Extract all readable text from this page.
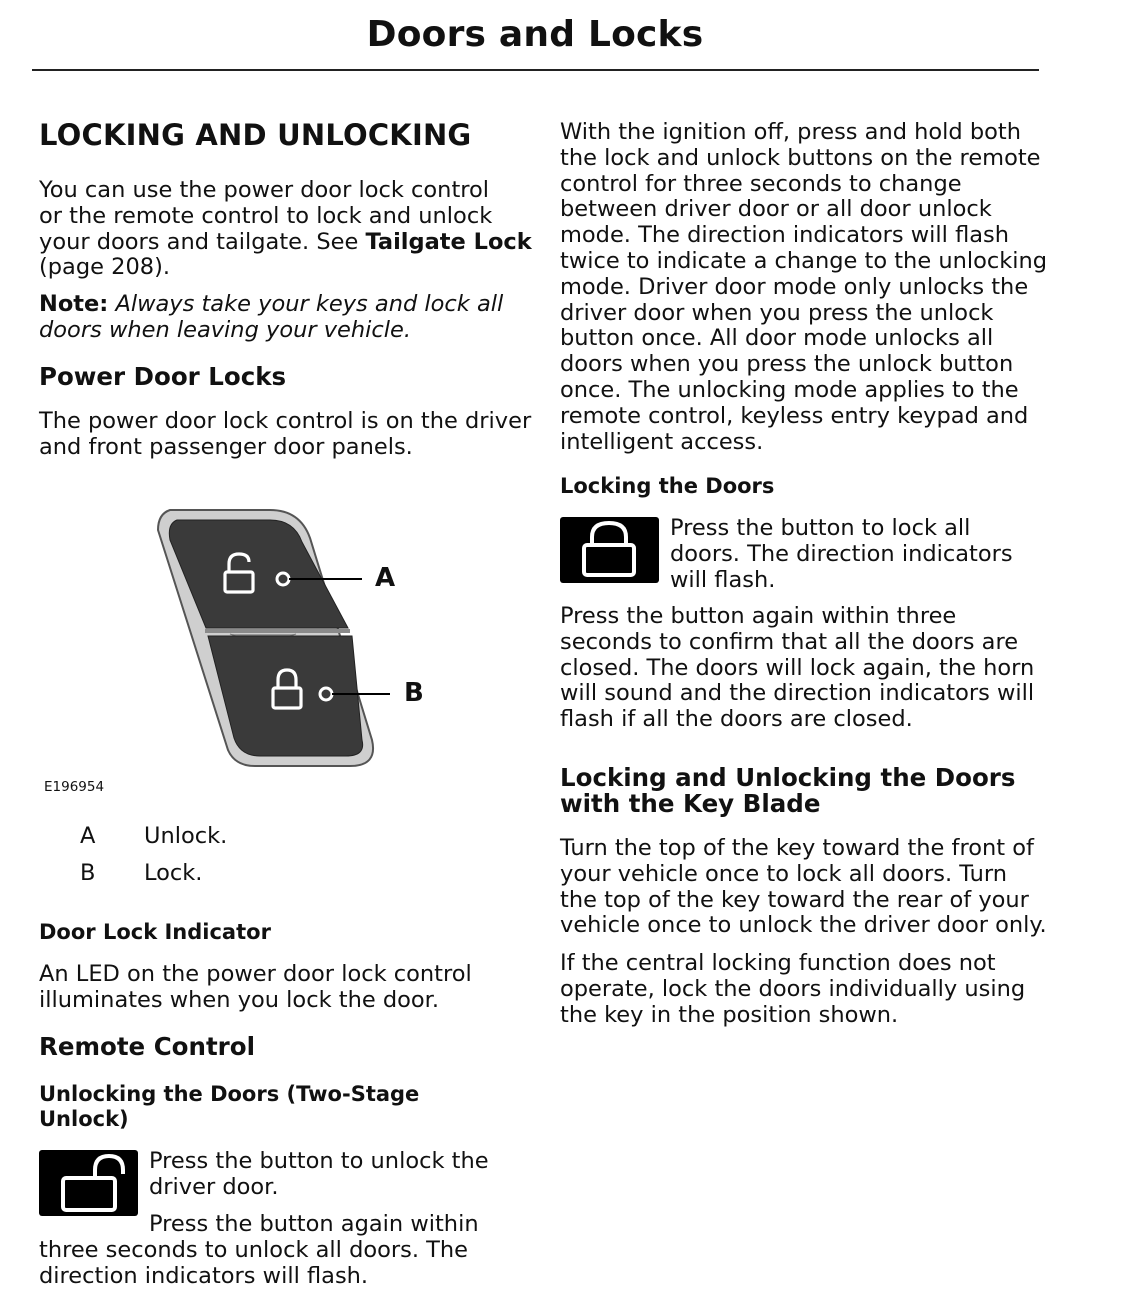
Doors and Locks
LOCKING AND UNLOCKING
You can use the power door lock control
or the remote control to lock and unlock
your doors and tailgate. See Tailgate Lock
(page 208).
Note: Always take your keys and lock all
doors when leaving your vehicle.
Power Door Locks
The power door lock control is on the driver
and front passenger door panels.
A
B
E196954
A Unlock.
B Lock.
Door Lock Indicator
An LED on the power door lock control
illuminates when you lock the door.
Remote Control
Unlocking the Doors (Two-Stage
Unlock)
Press the button to unlock the
driver door.
Press the button again within
three seconds to unlock all doors. The
direction indicators will flash.
With the ignition off, press and hold both
the lock and unlock buttons on the remote
control for three seconds to change
between driver door or all door unlock
mode. The direction indicators will flash
twice to indicate a change to the unlocking
mode. Driver door mode only unlocks the
driver door when you press the unlock
button once. All door mode unlocks all
doors when you press the unlock button
once. The unlocking mode applies to the
remote control, keyless entry keypad and
intelligent access.
Locking the Doors
Press the button to lock all
doors. The direction indicators
will flash.
Press the button again within three
seconds to confirm that all the doors are
closed. The doors will lock again, the horn
will sound and the direction indicators will
flash if all the doors are closed.
Locking and Unlocking the Doors
with the Key Blade
Turn the top of the key toward the front of
your vehicle once to lock all doors. Turn
the top of the key toward the rear of your
vehicle once to unlock the driver door only.
If the central locking function does not
operate, lock the doors individually using
the key in the position shown.
